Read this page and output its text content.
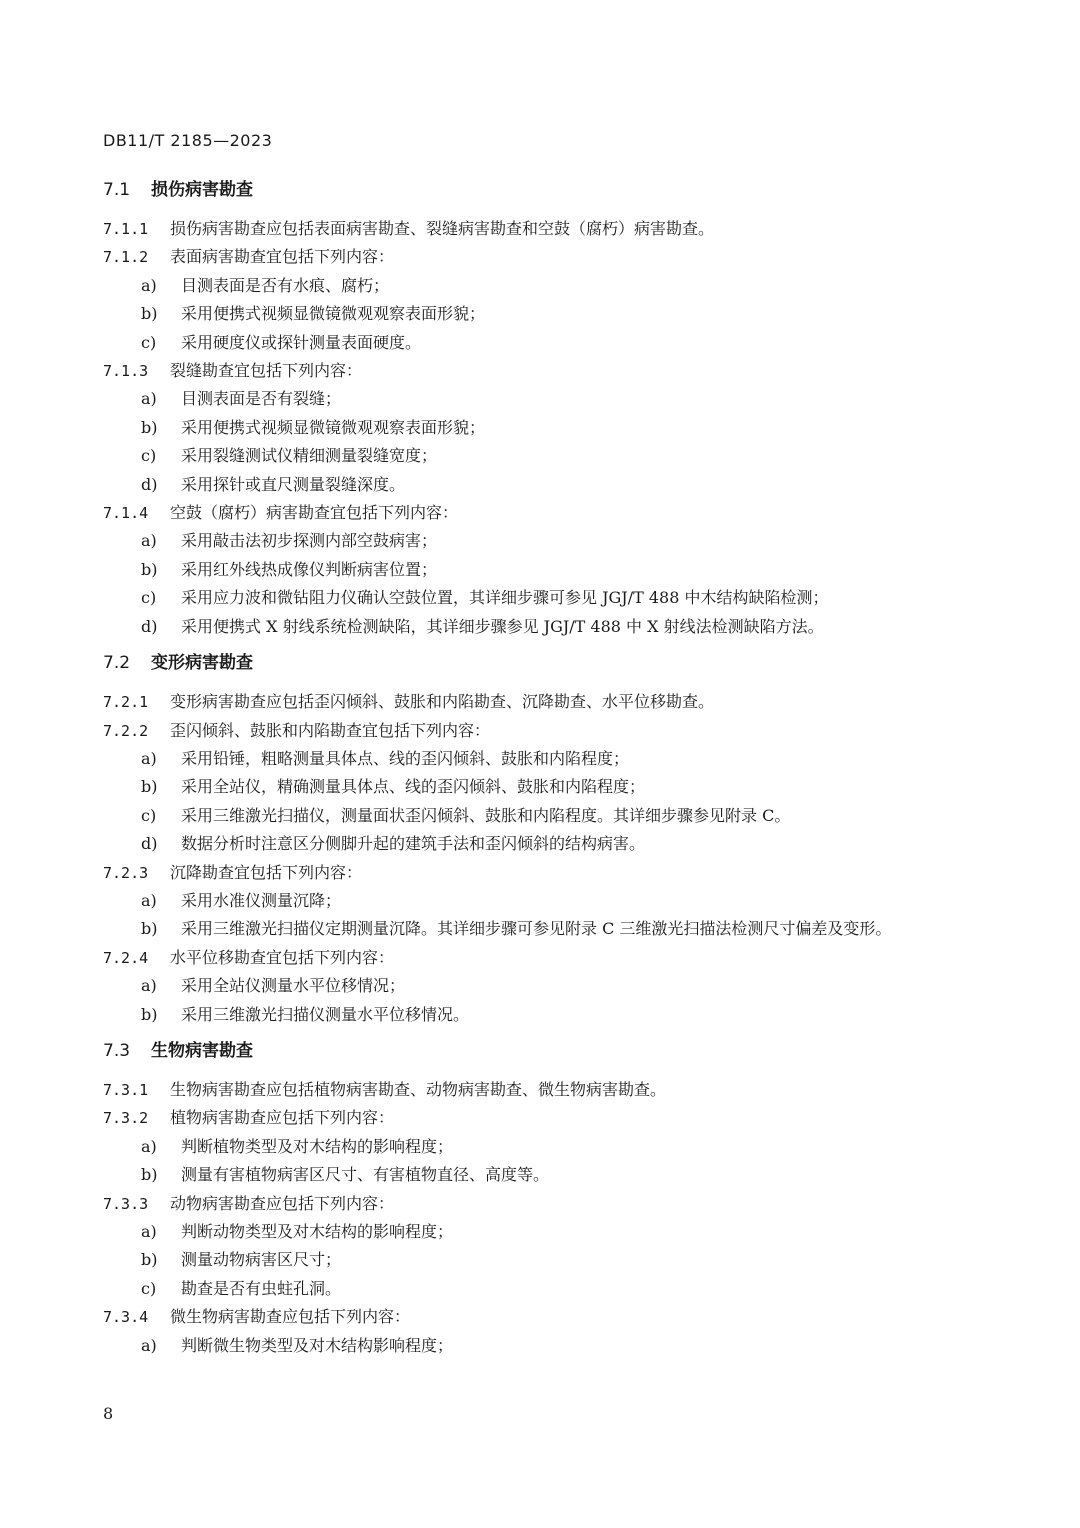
DB11/T 2185—2023
7.1 损伤病害勘查
7.1.1 损伤病害勘查应包括表面病害勘查、裂缝病害勘查和空鼓（腐朽）病害勘查。
7.1.2 表面病害勘查宜包括下列内容：
a)	目测表面是否有水痕、腐朽；
b)	采用便携式视频显微镜微观观察表面形貌；
c)	采用硬度仪或探针测量表面硬度。
7.1.3 裂缝勘查宜包括下列内容：
a)	目测表面是否有裂缝；
b)	采用便携式视频显微镜微观观察表面形貌；
c)	采用裂缝测试仪精细测量裂缝宽度；
d)	采用探针或直尺测量裂缝深度。
7.1.4 空鼓（腐朽）病害勘查宜包括下列内容：
a)	采用敲击法初步探测内部空鼓病害；
b)	采用红外线热成像仪判断病害位置；
c)	采用应力波和微钻阻力仪确认空鼓位置，其详细步骤可参见 JGJ/T 488 中木结构缺陷检测；
d)	采用便携式 X 射线系统检测缺陷，其详细步骤参见 JGJ/T 488 中 X 射线法检测缺陷方法。
7.2 变形病害勘查
7.2.1 变形病害勘查应包括歪闪倾斜、鼓胀和内陷勘查、沉降勘查、水平位移勘查。
7.2.2 歪闪倾斜、鼓胀和内陷勘查宜包括下列内容：
a)	采用铅锤，粗略测量具体点、线的歪闪倾斜、鼓胀和内陷程度；
b)	采用全站仪，精确测量具体点、线的歪闪倾斜、鼓胀和内陷程度；
c)	采用三维激光扫描仪，测量面状歪闪倾斜、鼓胀和内陷程度。其详细步骤参见附录 C。
d)	数据分析时注意区分侧脚升起的建筑手法和歪闪倾斜的结构病害。
7.2.3 沉降勘查宜包括下列内容：
a)	采用水准仪测量沉降；
b)	采用三维激光扫描仪定期测量沉降。其详细步骤可参见附录 C 三维激光扫描法检测尺寸偏差及变形。
7.2.4 水平位移勘查宜包括下列内容：
a)	采用全站仪测量水平位移情况；
b)	采用三维激光扫描仪测量水平位移情况。
7.3 生物病害勘查
7.3.1 生物病害勘查应包括植物病害勘查、动物病害勘查、微生物病害勘查。
7.3.2 植物病害勘查应包括下列内容：
a)	判断植物类型及对木结构的影响程度；
b)	测量有害植物病害区尺寸、有害植物直径、高度等。
7.3.3 动物病害勘查应包括下列内容：
a)	判断动物类型及对木结构的影响程度；
b)	测量动物病害区尺寸；
c)	勘查是否有虫蛀孔洞。
7.3.4 微生物病害勘查应包括下列内容：
a)	判断微生物类型及对木结构影响程度；
8
